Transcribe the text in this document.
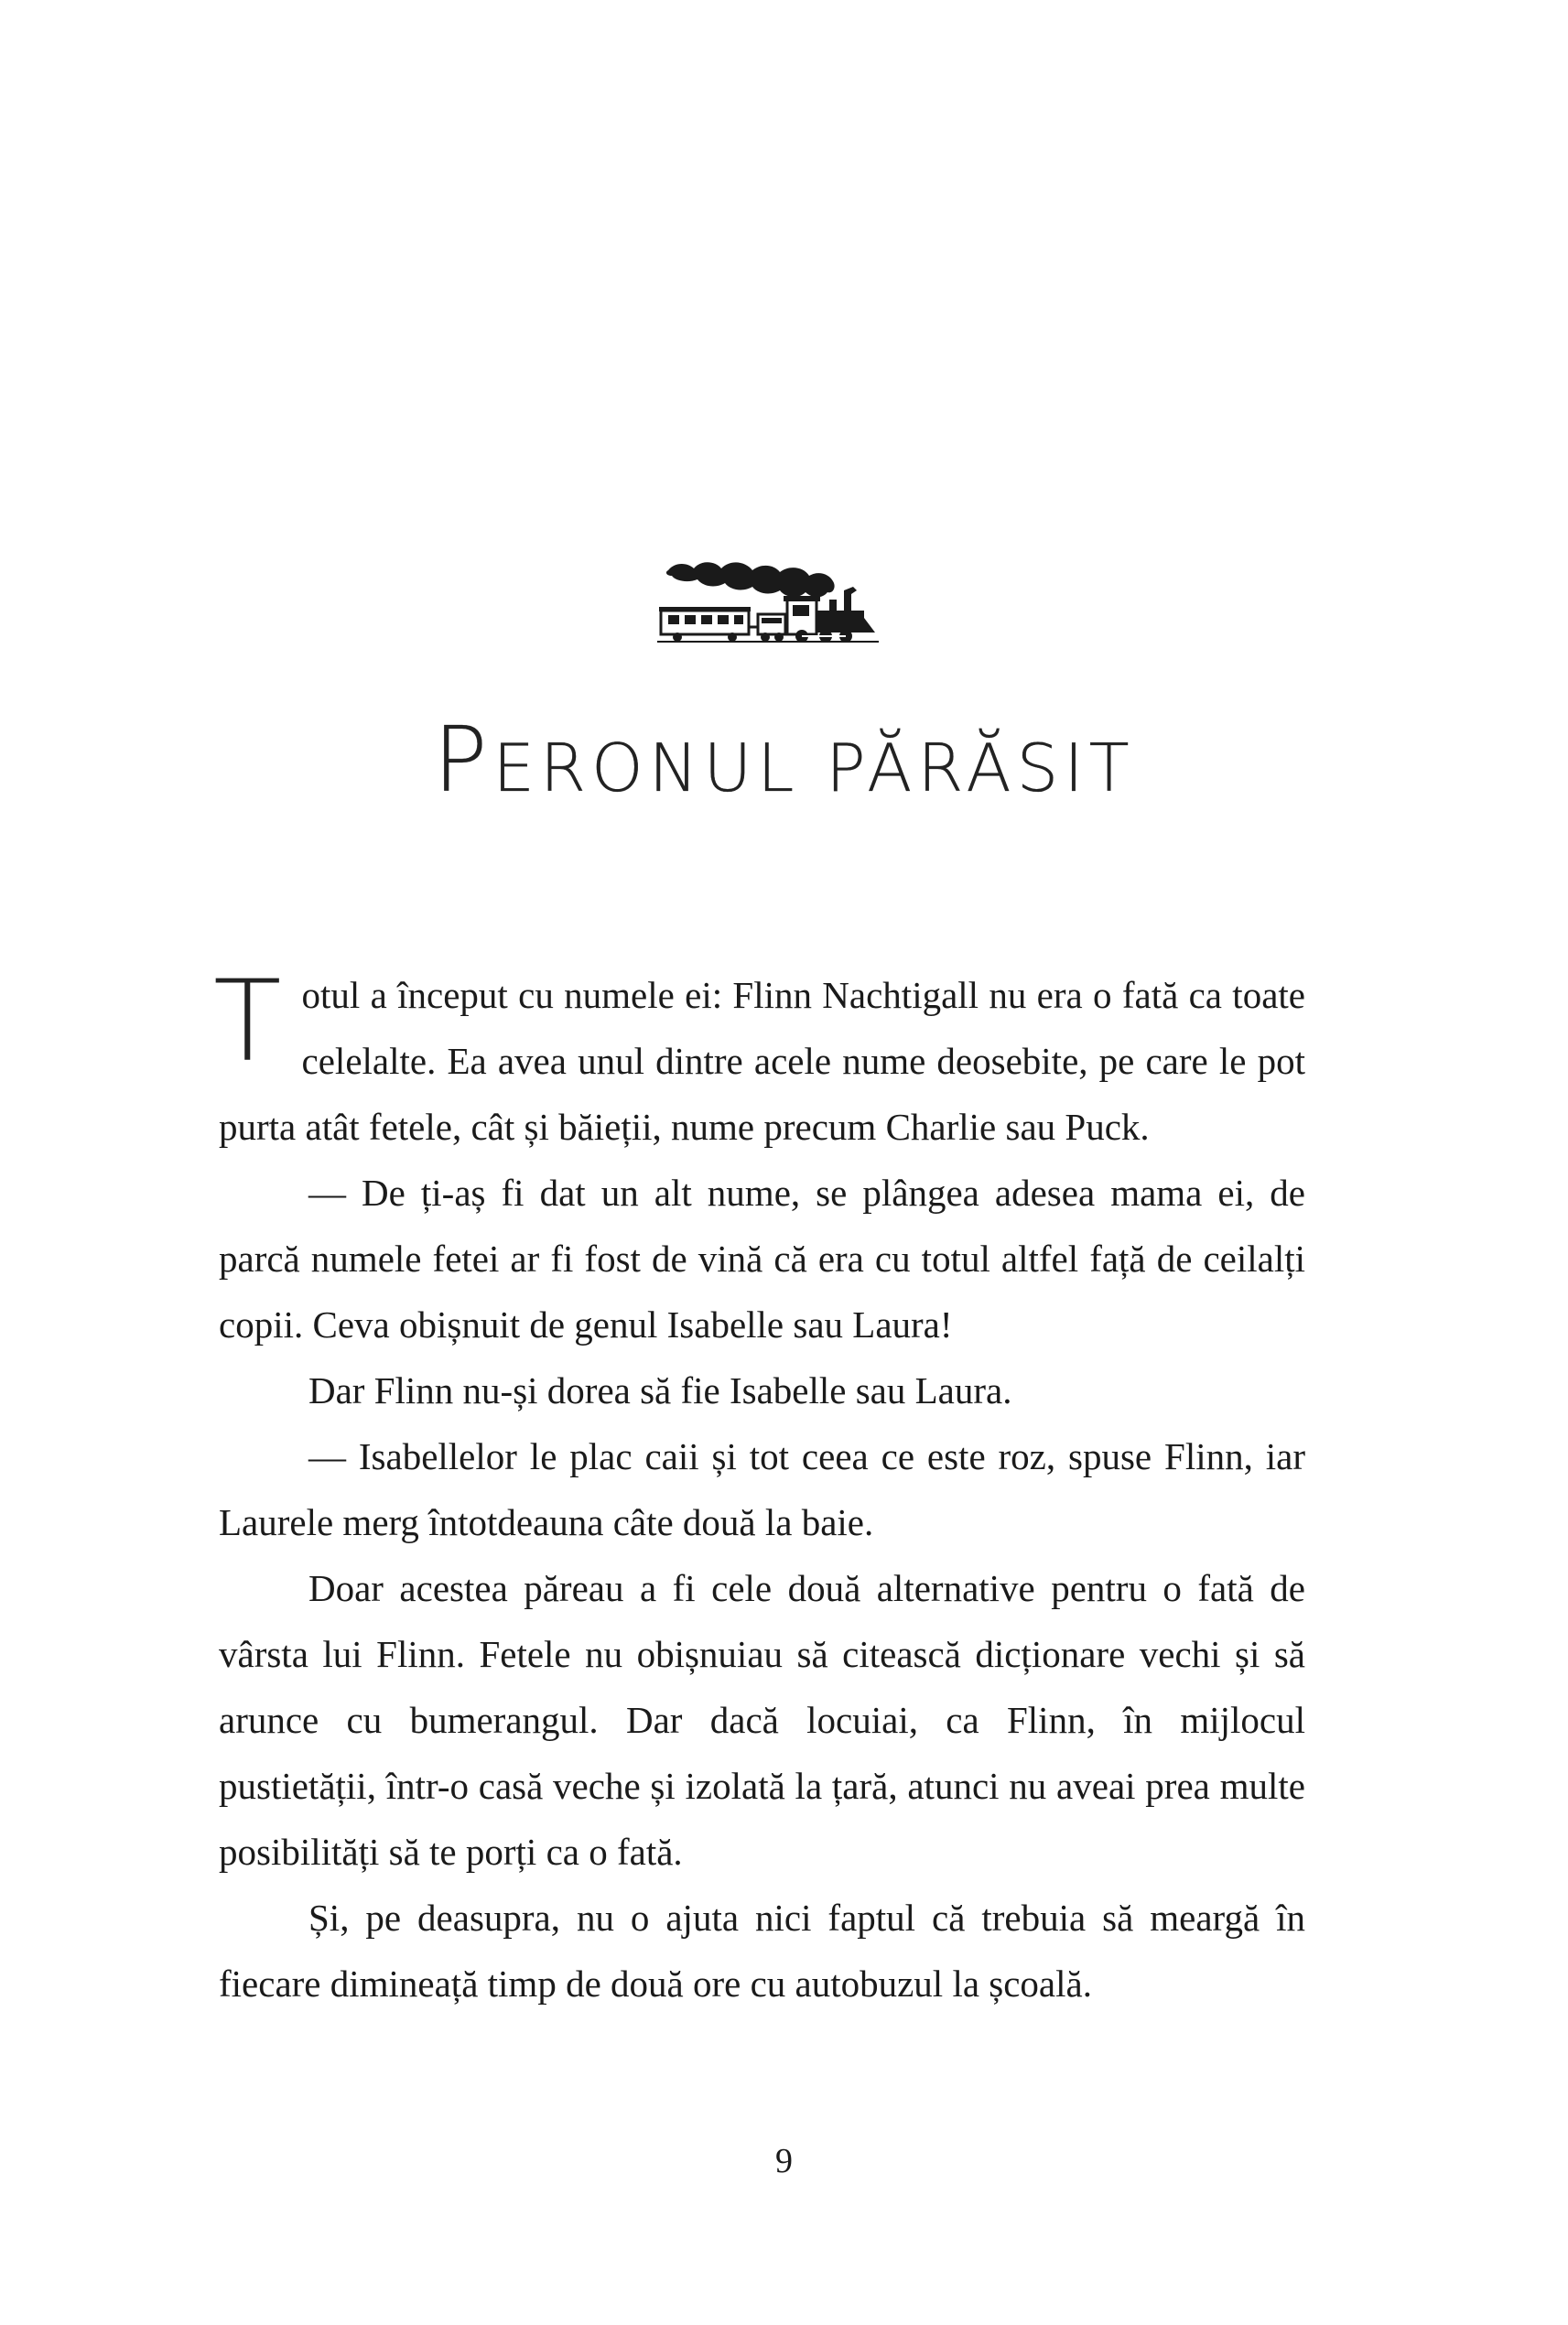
PERONUL PĂRĂSIT

Totul a început cu numele ei: Flinn Nachtigall nu era o fată ca toate celelalte. Ea avea unul dintre acele nume deosebite, pe care le pot purta atât fetele, cât și băieții, nume precum Charlie sau Puck.

— De ți-aș fi dat un alt nume, se plângea adesea mama ei, de parcă numele fetei ar fi fost de vină că era cu totul altfel față de ceilalți copii. Ceva obișnuit de genul Isabelle sau Laura!

Dar Flinn nu-și dorea să fie Isabelle sau Laura.

— Isabellelor le plac caii și tot ceea ce este roz, spuse Flinn, iar Laurele merg întotdeauna câte două la baie.

Doar acestea păreau a fi cele două alternative pentru o fată de vârsta lui Flinn. Fetele nu obișnuiau să citească dicționare vechi și să arunce cu bumerangul. Dar dacă locuiai, ca Flinn, în mijlocul pustietății, într-o casă veche și izolată la țară, atunci nu aveai prea multe posibilități să te porți ca o fată.

Și, pe deasupra, nu o ajuta nici faptul că trebuia să meargă în fiecare dimineață timp de două ore cu autobuzul la școală.

9
